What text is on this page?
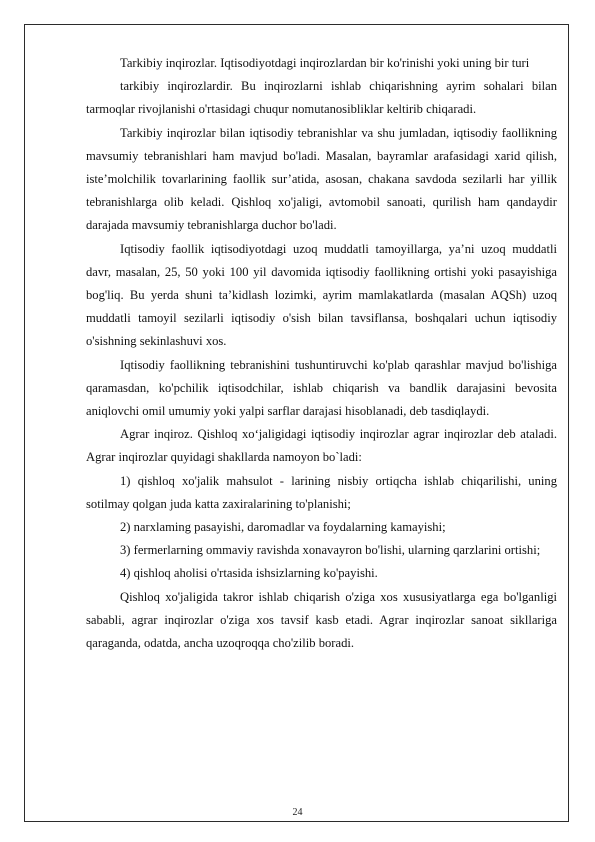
Tarkibiy inqirozlar. Iqtisodiyotdagi inqirozlardan bir ko'rinishi yoki uning bir turi

tarkibiy inqirozlardir. Bu inqirozlarni ishlab chiqarishning ayrim sohalari bilan tarmoqlar rivojlanishi o'rtasidagi chuqur nomutanosibliklar keltirib chiqaradi.

Tarkibiy inqirozlar bilan iqtisodiy tebranishlar va shu jumladan, iqtisodiy faollikning mavsumiy tebranishlari ham mavjud bo'ladi. Masalan, bayramlar arafasidagi xarid qilish, iste’molchilik tovarlarining faollik sur’atida, asosan, chakana savdoda sezilarli har yillik tebranishlarga olib keladi. Qishloq xo'jaligi, avtomobil sanoati, qurilish ham qandaydir darajada mavsumiy tebranishlarga duchor bo'ladi.

Iqtisodiy faollik iqtisodiyotdagi uzoq muddatli tamoyillarga, ya’ni uzoq muddatli davr, masalan, 25, 50 yoki 100 yil davomida iqtisodiy faollikning ortishi yoki pasayishiga bog'liq. Bu yerda shuni ta’kidlash lozimki, ayrim mamlakatlarda (masalan AQSh) uzoq muddatli tamoyil sezilarli iqtisodiy o'sish bilan tavsiflansa, boshqalari uchun iqtisodiy o'sishning sekinlashuvi xos.

Iqtisodiy faollikning tebranishini tushuntiruvchi ko'plab qarashlar mavjud bo'lishiga qaramasdan, ko'pchilik iqtisodchilar, ishlab chiqarish va bandlik darajasini bevosita aniqlovchi omil umumiy yoki yalpi sarflar darajasi hisoblanadi, deb tasdiqlaydi.

Agrar inqiroz. Qishloq xo‘jaligidagi iqtisodiy inqirozlar agrar inqirozlar deb ataladi. Agrar inqirozlar quyidagi shakllarda namoyon bo`ladi:

1) qishloq xo'jalik mahsulot - larining nisbiy ortiqcha ishlab chiqarilishi, uning sotilmay qolgan juda katta zaxiralarining to'planishi;

2) narxlaming pasayishi, daromadlar va foydalarning kamayishi;

3) fermerlarning ommaviy ravishda xonavayron bo'lishi, ularning qarzlarini ortishi;

4) qishloq aholisi o'rtasida ishsizlarning ko'payishi.

Qishloq xo'jaligida takror ishlab chiqarish o'ziga xos xususiyatlarga ega bo'lganligi sababli, agrar inqirozlar o'ziga xos tavsif kasb etadi. Agrar inqirozlar sanoat sikllariga qaraganda, odatda, ancha uzoqroqqa cho'zilib boradi.

24
